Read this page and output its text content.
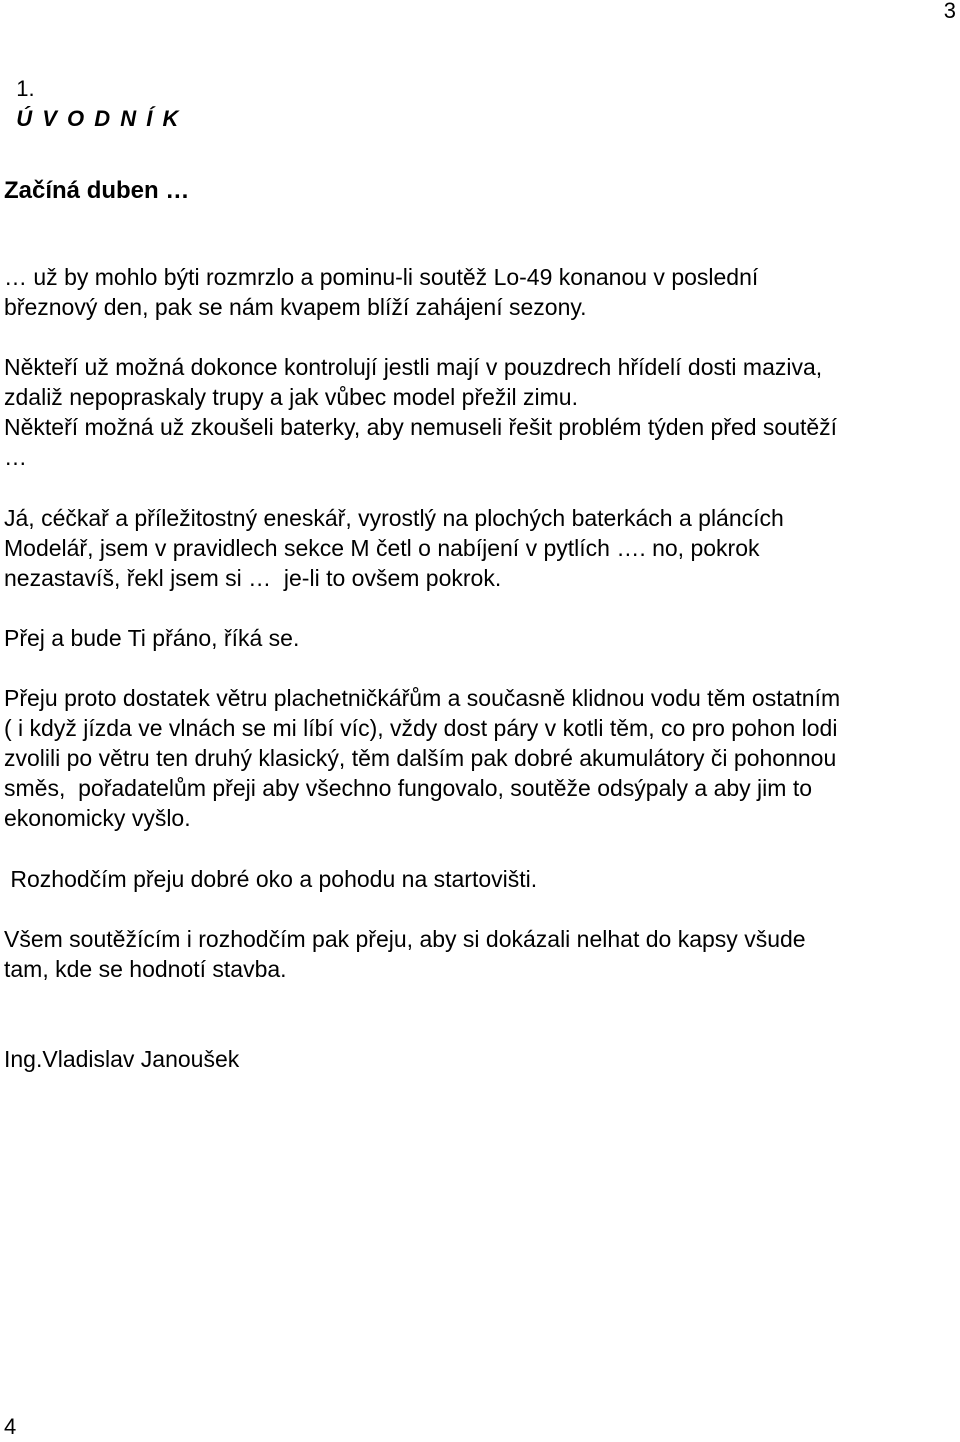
3

1.
Ú V O D N Í K

Začíná duben …
… už by mohlo býti rozmrzlo a pominu-li soutěž Lo-49 konanou v poslední
březnový den, pak se nám kvapem blíží zahájení sezony.
Někteří už možná dokonce kontrolují jestli mají v pouzdrech hřídelí dosti maziva,
zdaliž nepopraskaly trupy a jak vůbec model přežil zimu.
Někteří možná už zkoušeli baterky, aby nemuseli řešit problém týden před soutěží
…
Já, céčkař a příležitostný eneskář, vyrostlý na plochých baterkách a pláncích
Modelář, jsem v pravidlech sekce M četl o nabíjení v pytlích …. no, pokrok
nezastavíš, řekl jsem si …  je-li to ovšem pokrok.
Přej a bude Ti přáno, říká se.
Přeju proto dostatek větru plachetničkářům a současně klidnou vodu těm ostatním
( i když jízda ve vlnách se mi líbí víc), vždy dost páry v kotli těm, co pro pohon lodi
zvolili po větru ten druhý klasický, těm dalším pak dobré akumulátory či pohonnou
směs,  pořadatelům přeji aby všechno fungovalo, soutěže odsýpaly a aby jim to
ekonomicky vyšlo.
Rozhodčím přeju dobré oko a pohodu na startovišti.
Všem soutěžícím i rozhodčím pak přeju, aby si dokázali nelhat do kapsy všude
tam, kde se hodnotí stavba.
Ing.Vladislav Janoušek
4
